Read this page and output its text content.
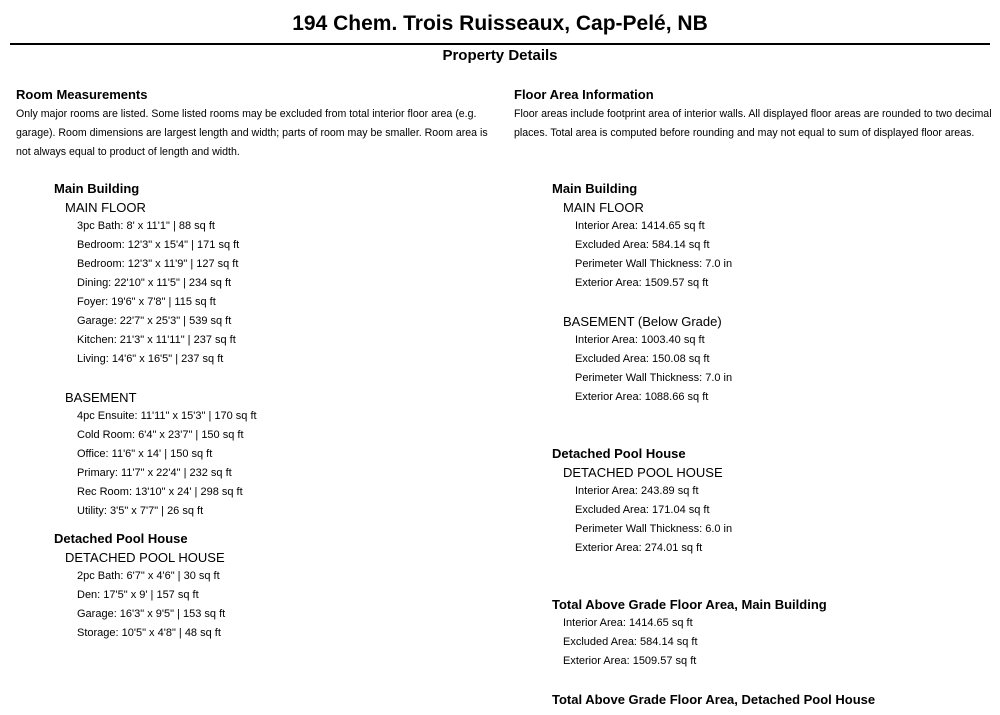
194 Chem. Trois Ruisseaux, Cap-Pelé, NB
Property Details
Room Measurements
Only major rooms are listed. Some listed rooms may be excluded from total interior floor area (e.g. garage). Room dimensions are largest length and width; parts of room may be smaller. Room area is not always equal to product of length and width.
Main Building
MAIN FLOOR
3pc Bath: 8' x 11'1" | 88 sq ft
Bedroom: 12'3" x 15'4" | 171 sq ft
Bedroom: 12'3" x 11'9" | 127 sq ft
Dining: 22'10" x 11'5" | 234 sq ft
Foyer: 19'6" x 7'8" | 115 sq ft
Garage: 22'7" x 25'3" | 539 sq ft
Kitchen: 21'3" x 11'11" | 237 sq ft
Living: 14'6" x 16'5" | 237 sq ft
BASEMENT
4pc Ensuite: 11'11" x 15'3" | 170 sq ft
Cold Room: 6'4" x 23'7" | 150 sq ft
Office: 11'6" x 14' | 150 sq ft
Primary: 11'7" x 22'4" | 232 sq ft
Rec Room: 13'10" x 24' | 298 sq ft
Utility: 3'5" x 7'7" | 26 sq ft
Detached Pool House
DETACHED POOL HOUSE
2pc Bath: 6'7" x 4'6" | 30 sq ft
Den: 17'5" x 9' | 157 sq ft
Garage: 16'3" x 9'5" | 153 sq ft
Storage: 10'5" x 4'8" | 48 sq ft
Floor Area Information
Floor areas include footprint area of interior walls. All displayed floor areas are rounded to two decimal places. Total area is computed before rounding and may not equal to sum of displayed floor areas.
Main Building
MAIN FLOOR
Interior Area: 1414.65 sq ft
Excluded Area: 584.14 sq ft
Perimeter Wall Thickness: 7.0 in
Exterior Area: 1509.57 sq ft
BASEMENT (Below Grade)
Interior Area: 1003.40 sq ft
Excluded Area: 150.08 sq ft
Perimeter Wall Thickness: 7.0 in
Exterior Area: 1088.66 sq ft
Detached Pool House
DETACHED POOL HOUSE
Interior Area: 243.89 sq ft
Excluded Area: 171.04 sq ft
Perimeter Wall Thickness: 6.0 in
Exterior Area: 274.01 sq ft
Total Above Grade Floor Area, Main Building
Interior Area: 1414.65 sq ft
Excluded Area: 584.14 sq ft
Exterior Area: 1509.57 sq ft
Total Above Grade Floor Area, Detached Pool House
